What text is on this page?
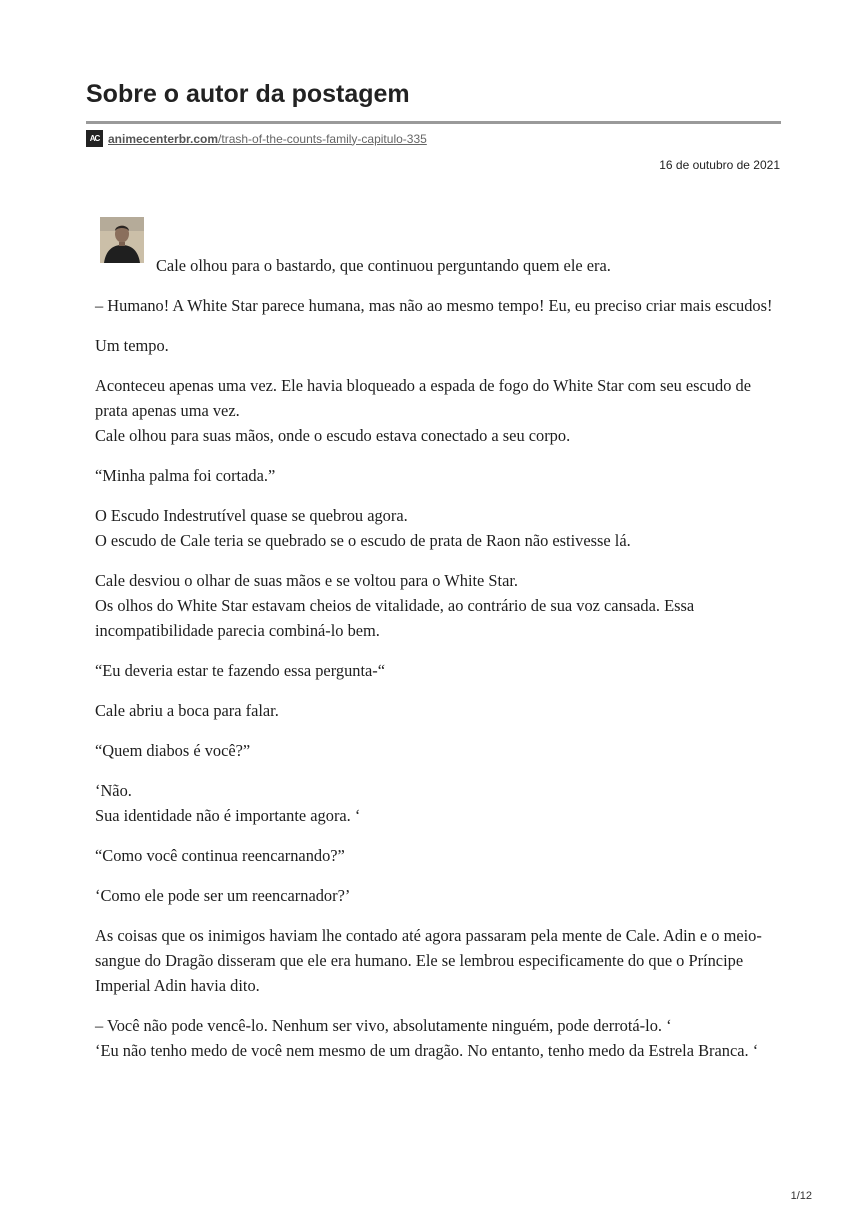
Sobre o autor da postagem
AC animecenterbr.com/trash-of-the-counts-family-capitulo-335
16 de outubro de 2021

Cale olhou para o bastardo, que continuou perguntando quem ele era.

– Humano! A White Star parece humana, mas não ao mesmo tempo! Eu, eu preciso criar mais escudos!

Um tempo.

Aconteceu apenas uma vez. Ele havia bloqueado a espada de fogo do White Star com seu escudo de prata apenas uma vez.
Cale olhou para suas mãos, onde o escudo estava conectado a seu corpo.

“Minha palma foi cortada.”

O Escudo Indestrutível quase se quebrou agora.
O escudo de Cale teria se quebrado se o escudo de prata de Raon não estivesse lá.

Cale desviou o olhar de suas mãos e se voltou para o White Star.
Os olhos do White Star estavam cheios de vitalidade, ao contrário de sua voz cansada. Essa incompatibilidade parecia combiná-lo bem.

“Eu deveria estar te fazendo essa pergunta-“

Cale abriu a boca para falar.

“Quem diabos é você?”

‘Não.
Sua identidade não é importante agora. ‘

“Como você continua reencarnando?”

‘Como ele pode ser um reencarnador?’

As coisas que os inimigos haviam lhe contado até agora passaram pela mente de Cale. Adin e o meio-sangue do Dragão disseram que ele era humano. Ele se lembrou especificamente do que o Príncipe Imperial Adin havia dito.

– Você não pode vencê-lo. Nenhum ser vivo, absolutamente ninguém, pode derrotá-lo. ‘
‘Eu não tenho medo de você nem mesmo de um dragão. No entanto, tenho medo da Estrela Branca. ‘

1/12
